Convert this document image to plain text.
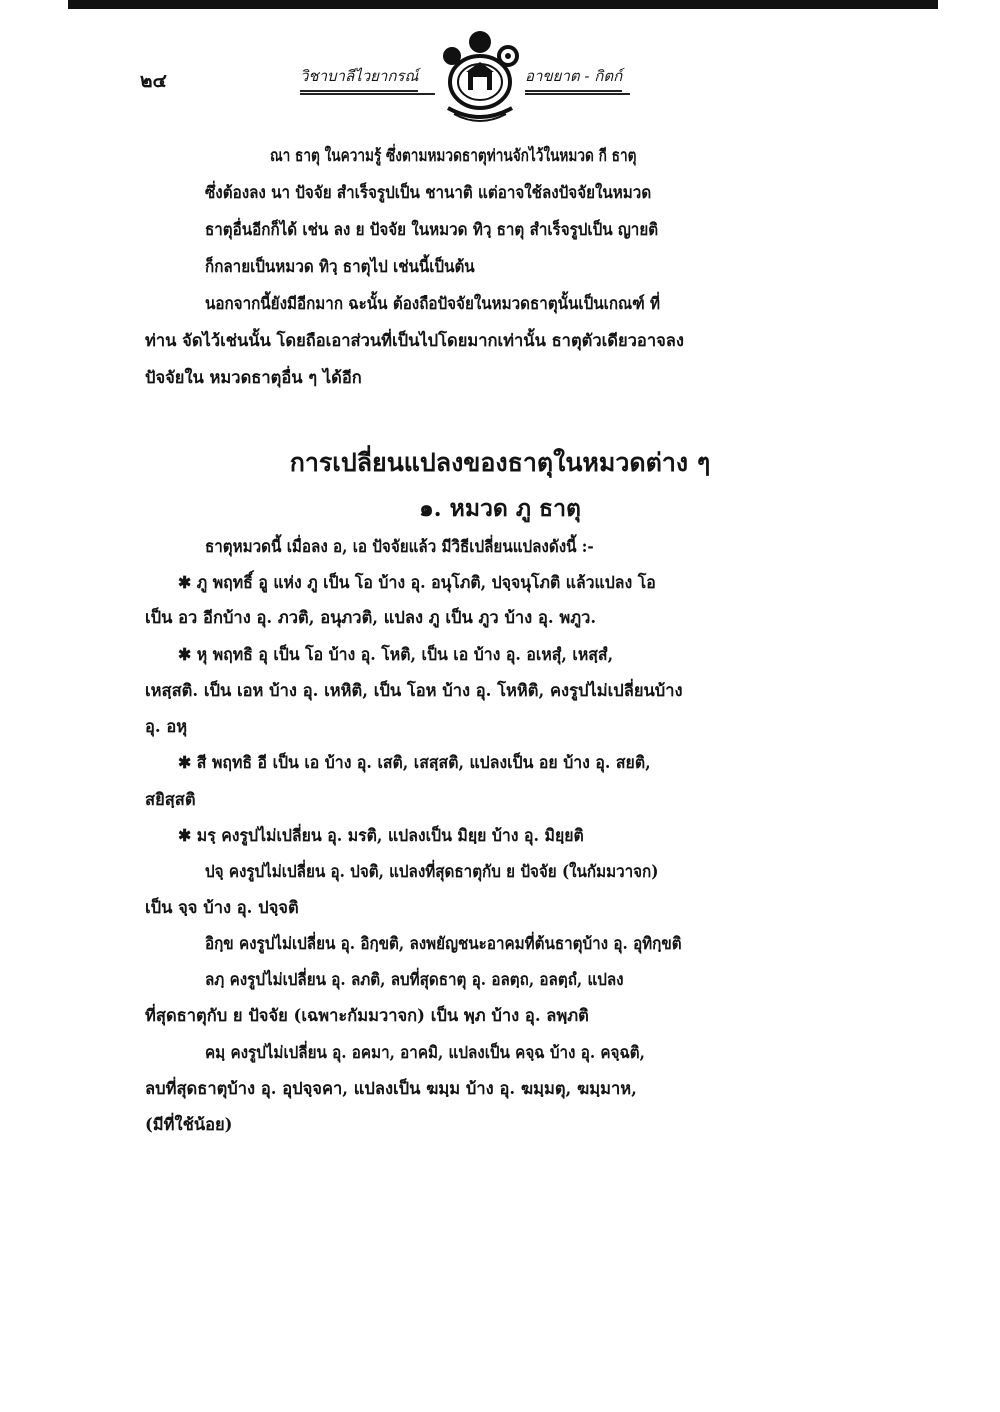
๒๔	วิชาบาลีไวยากรณ์	อาขยาต - กิตก์
ณา ธาตุ ในความรู้ ซึ่งตามหมวดธาตุท่านจักไว้ในหมวด กี ธาตุ
ซึ่งต้องลง นา ปัจจัย สำเร็จรูปเป็น ชานาติ แต่อาจใช้ลงปัจจัยในหมวด
ธาตุอื่นอีกก็ได้ เช่น ลง ย ปัจจัย ในหมวด ทิวฺ ธาตุ สำเร็จรูปเป็น ญายติ
ก็กลายเป็นหมวด ทิวฺ ธาตุไป เช่นนี้เป็นต้น
นอกจากนี้ยังมีอีกมาก ฉะนั้น ต้องถือปัจจัยในหมวดธาตุนั้นเป็นเกณฑ์ ที่
ท่าน จัดไว้เช่นนั้น โดยถือเอาส่วนที่เป็นไปโดยมากเท่านั้น ธาตุตัวเดียวอาจลง
ปัจจัยใน หมวดธาตุอื่น ๆ ได้อีก
การเปลี่ยนแปลงของธาตุในหมวดต่าง ๆ
๑. หมวด ภู ธาตุ
ธาตุหมวดนี้ เมื่อลง อ, เอ ปัจจัยแล้ว มีวิธีเปลี่ยนแปลงดังนี้ :-
✱ ภู พฤทธิ์ อู แห่ง ภู เป็น โอ บ้าง อุ. อนุโภติ, ปจฺจนุโภติ แล้วแปลง โอ
เป็น อว อีกบ้าง อุ. ภวติ, อนุภวติ, แปลง ภู เป็น ภูว บ้าง อุ. พภูว.
✱ หุ พฤทธิ อุ เป็น โอ บ้าง อุ. โหติ, เป็น เอ บ้าง อุ. อเหสุํ, เหสฺสํ,
เหสฺสติ. เป็น เอห บ้าง อุ. เหหิติ, เป็น โอห บ้าง อุ. โหหิติ, คงรูปไม่เปลี่ยนบ้าง
อุ. อหุ
✱ สี พฤทธิ อี เป็น เอ บ้าง อุ. เสติ, เสสฺสติ, แปลงเป็น อย บ้าง อุ. สยติ,
สยิสฺสติ
✱ มรฺ คงรูปไม่เปลี่ยน อุ. มรติ, แปลงเป็น มิยฺย บ้าง อุ. มิยฺยติ
ปจฺ คงรูปไม่เปลี่ยน อุ. ปจติ, แปลงที่สุดธาตุกับ ย ปัจจัย (ในกัมมวาจก)
เป็น จฺจ บ้าง อุ. ปจฺจติ
อิกฺข คงรูปไม่เปลี่ยน อุ. อิกฺขติ, ลงพยัญชนะอาคมที่ต้นธาตุบ้าง อุ. อุทิกฺขติ
ลภฺ คงรูปไม่เปลี่ยน อุ. ลภติ, ลบที่สุดธาตุ อุ. อลตฺถ, อลตฺถํ, แปลง
ที่สุดธาตุกับ ย ปัจจัย (เฉพาะกัมมวาจก) เป็น พฺภ บ้าง อุ. ลพฺภติ
คมฺ คงรูปไม่เปลี่ยน อุ. อคมา, อาคมิ, แปลงเป็น คจฺฉ บ้าง อุ. คจฺฉติ,
ลบที่สุดธาตุบ้าง อุ. อุปจฺจคา, แปลงเป็น ฆมฺม บ้าง อุ. ฆมฺมตุ, ฆมฺมาห,
(มีที่ใช้น้อย)
